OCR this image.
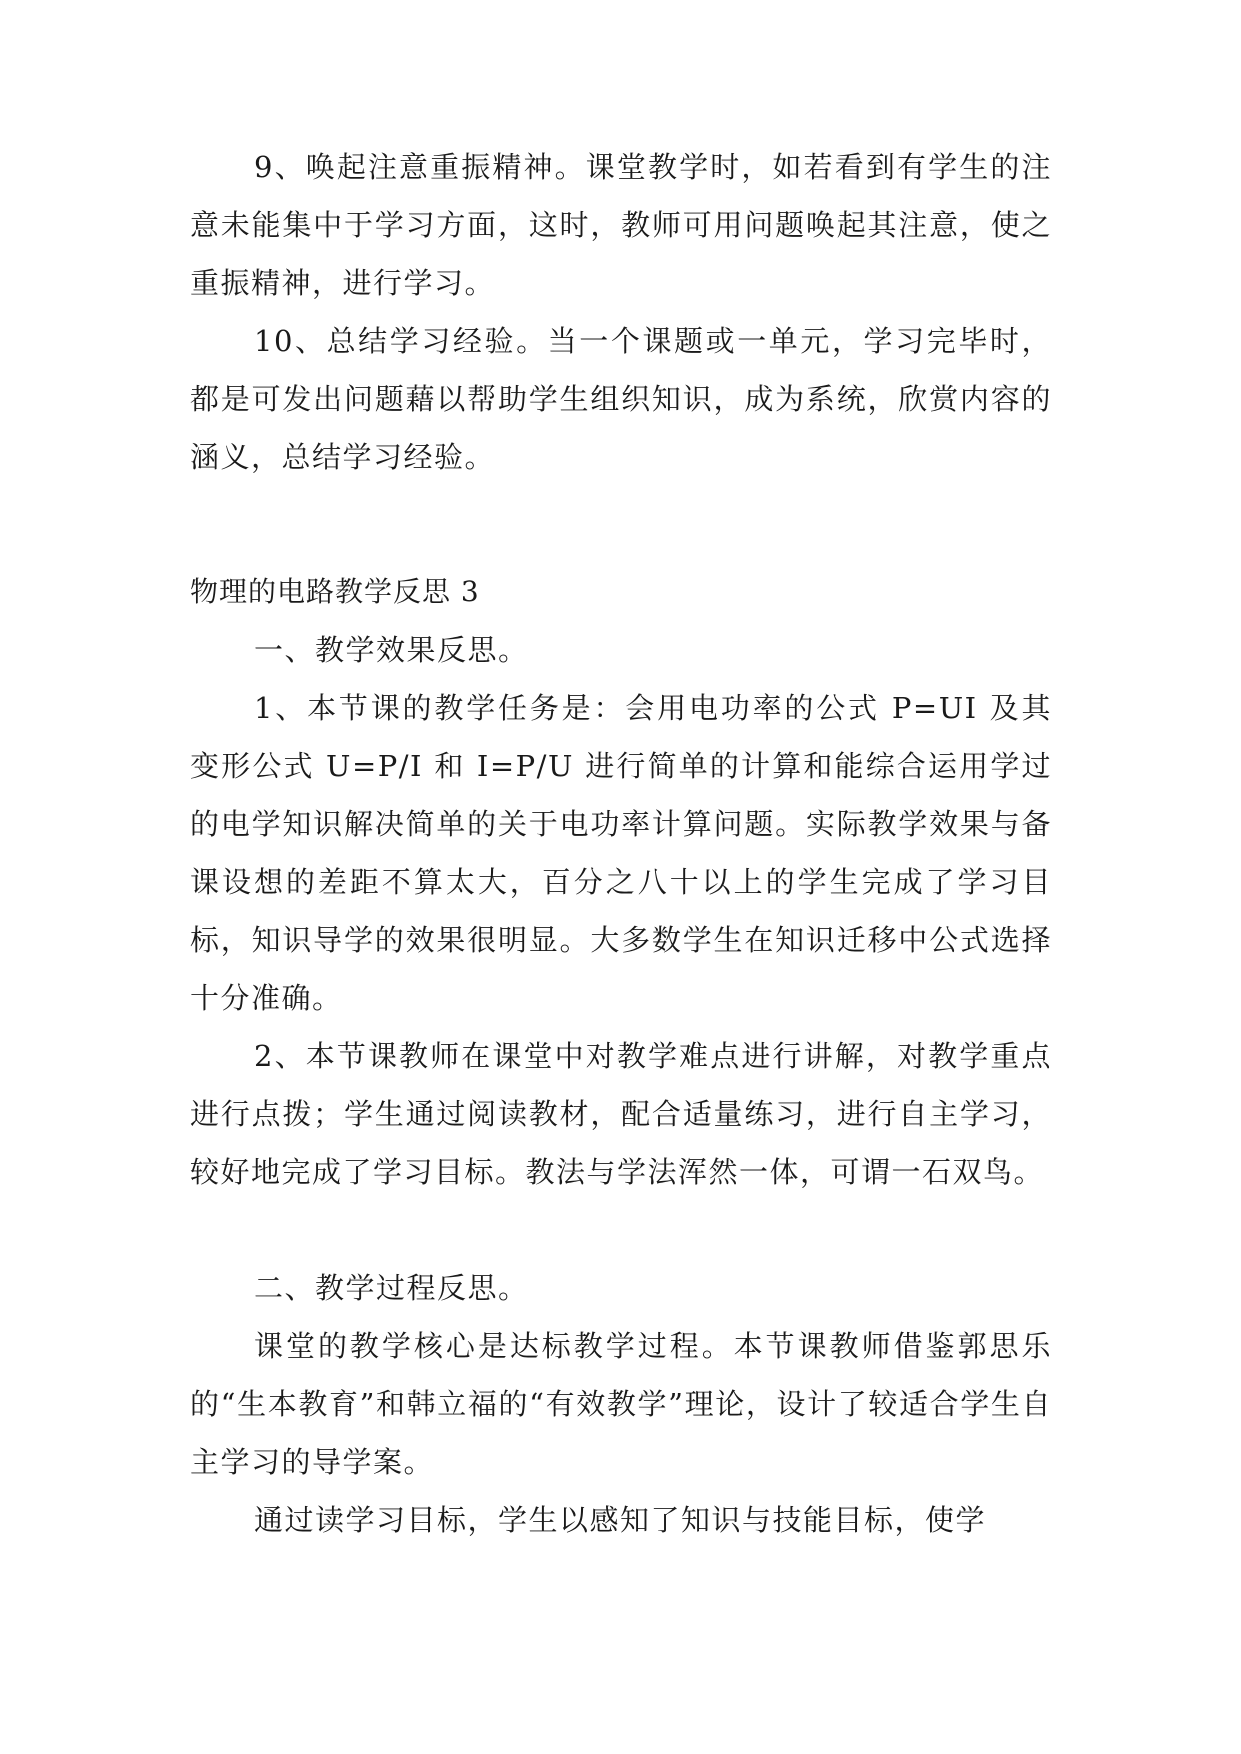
9、唤起注意重振精神。课堂教学时，如若看到有学生的注意未能集中于学习方面，这时，教师可用问题唤起其注意，使之重振精神，进行学习。

10、总结学习经验。当一个课题或一单元，学习完毕时，都是可发出问题藉以帮助学生组织知识，成为系统，欣赏内容的涵义，总结学习经验。

物理的电路教学反思 3

一、教学效果反思。

1、本节课的教学任务是：会用电功率的公式 P=UI 及其变形公式 U=P/I 和 I=P/U 进行简单的计算和能综合运用学过的电学知识解决简单的关于电功率计算问题。实际教学效果与备课设想的差距不算太大，百分之八十以上的学生完成了学习目标，知识导学的效果很明显。大多数学生在知识迁移中公式选择十分准确。

2、本节课教师在课堂中对教学难点进行讲解，对教学重点进行点拨；学生通过阅读教材，配合适量练习，进行自主学习，较好地完成了学习目标。教法与学法浑然一体，可谓一石双鸟。

二、教学过程反思。

课堂的教学核心是达标教学过程。本节课教师借鉴郭思乐的“生本教育”和韩立福的“有效教学”理论，设计了较适合学生自主学习的导学案。

通过读学习目标，学生以感知了知识与技能目标，使学
